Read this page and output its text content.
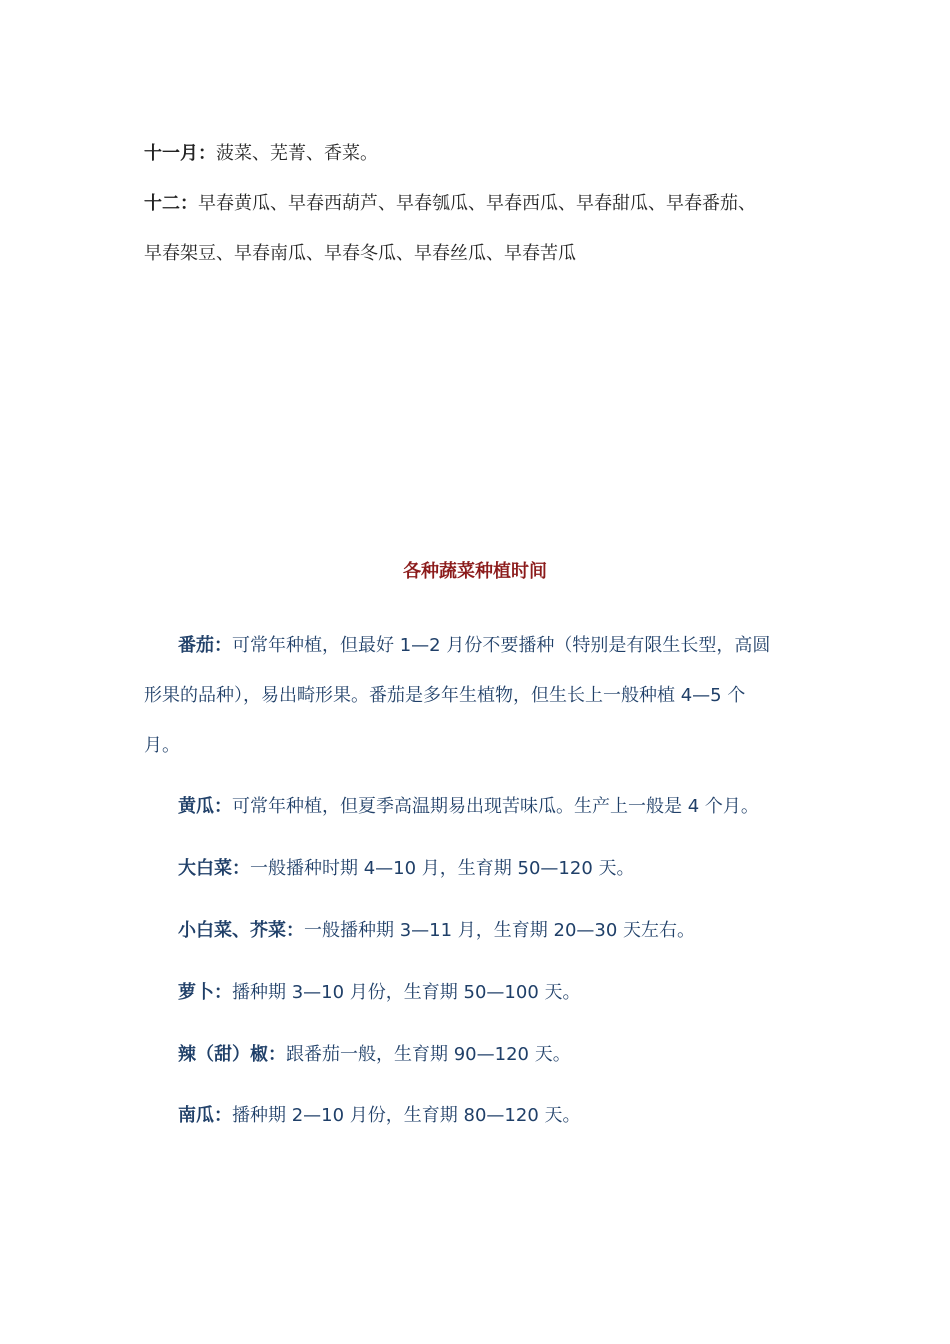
十一月：菠菜、芜菁、香菜。
十二：早春黄瓜、早春西葫芦、早春瓠瓜、早春西瓜、早春甜瓜、早春番茄、
早春架豆、早春南瓜、早春冬瓜、早春丝瓜、早春苦瓜
各种蔬菜种植时间
番茄：可常年种植，但最好 1—2 月份不要播种（特别是有限生长型，高圆
形果的品种），易出畸形果。番茄是多年生植物，但生长上一般种植 4—5 个
月。
黄瓜：可常年种植，但夏季高温期易出现苦味瓜。生产上一般是 4 个月。
大白菜：一般播种时期 4—10 月，生育期 50—120 天。
小白菜、芥菜：一般播种期 3—11 月，生育期 20—30 天左右。
萝卜：播种期 3—10 月份，生育期 50—100 天。
辣（甜）椒：跟番茄一般，生育期 90—120 天。
南瓜：播种期 2—10 月份，生育期 80—120 天。
